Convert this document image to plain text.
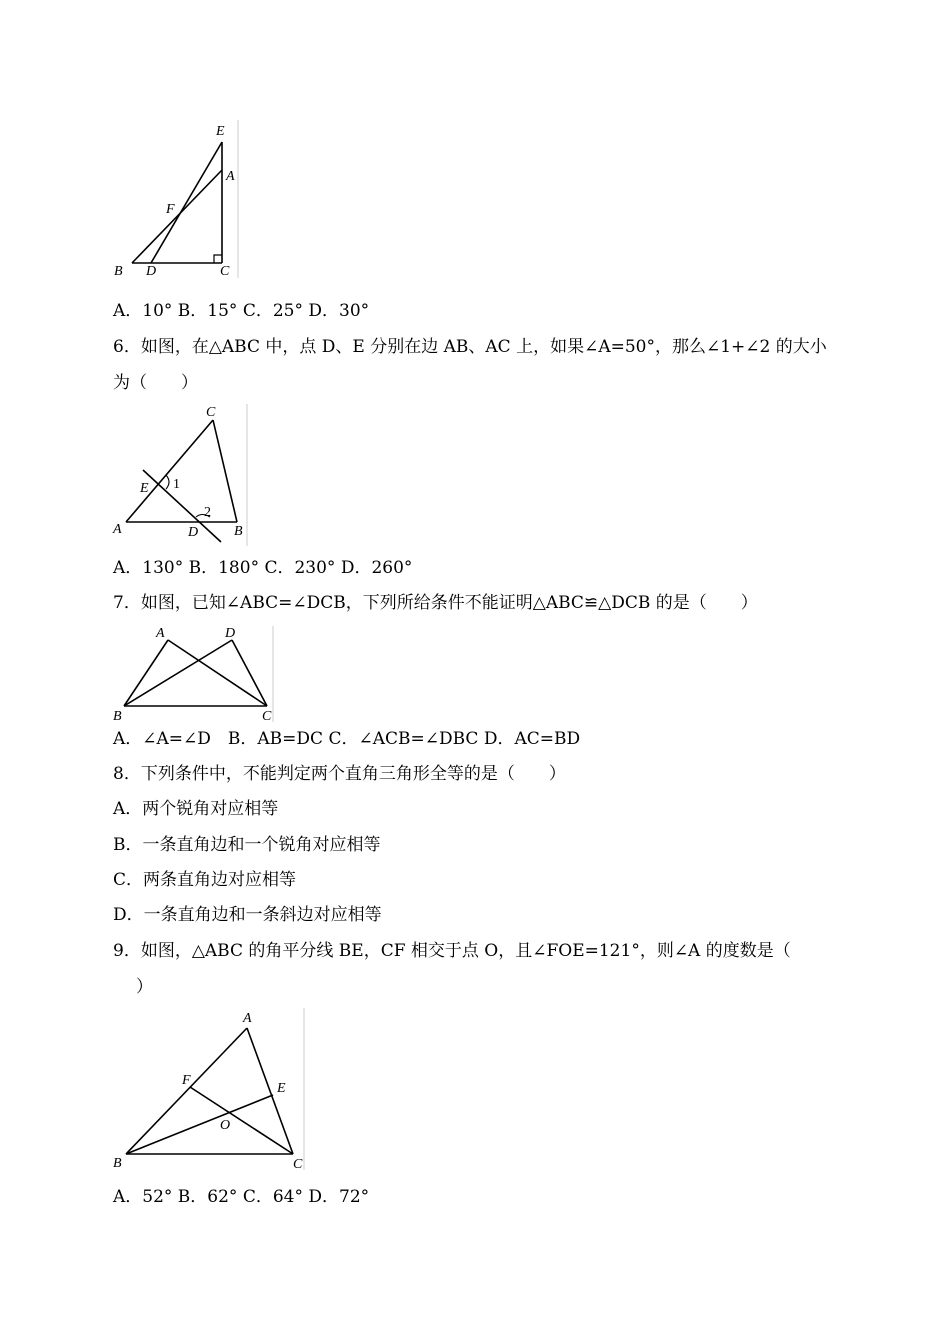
E
A
F
B D	C
A．10° B．15° C．25° D．30°
6．如图，在△ABC 中，点 D、E 分别在边 AB、AC 上，如果∠A=50°，那么∠1+∠2 的大小
为（　　）
C
E 1
2
A	D	B
A．130° B．180° C．230° D．260°
7．如图，已知∠ABC=∠DCB，下列所给条件不能证明△ABC≌△DCB 的是（　　）
A	D
B	C
A．∠A=∠D　B．AB=DC C．∠ACB=∠DBC D．AC=BD
8．下列条件中，不能判定两个直角三角形全等的是（　　）
A．两个锐角对应相等
B．一条直角边和一个锐角对应相等
C．两条直角边对应相等
D．一条直角边和一条斜边对应相等
9．如图，△ABC 的角平分线 BE，CF 相交于点 O，且∠FOE=121°，则∠A 的度数是（
）
A
F
E
O
B	C
A．52° B．62° C．64° D．72°
